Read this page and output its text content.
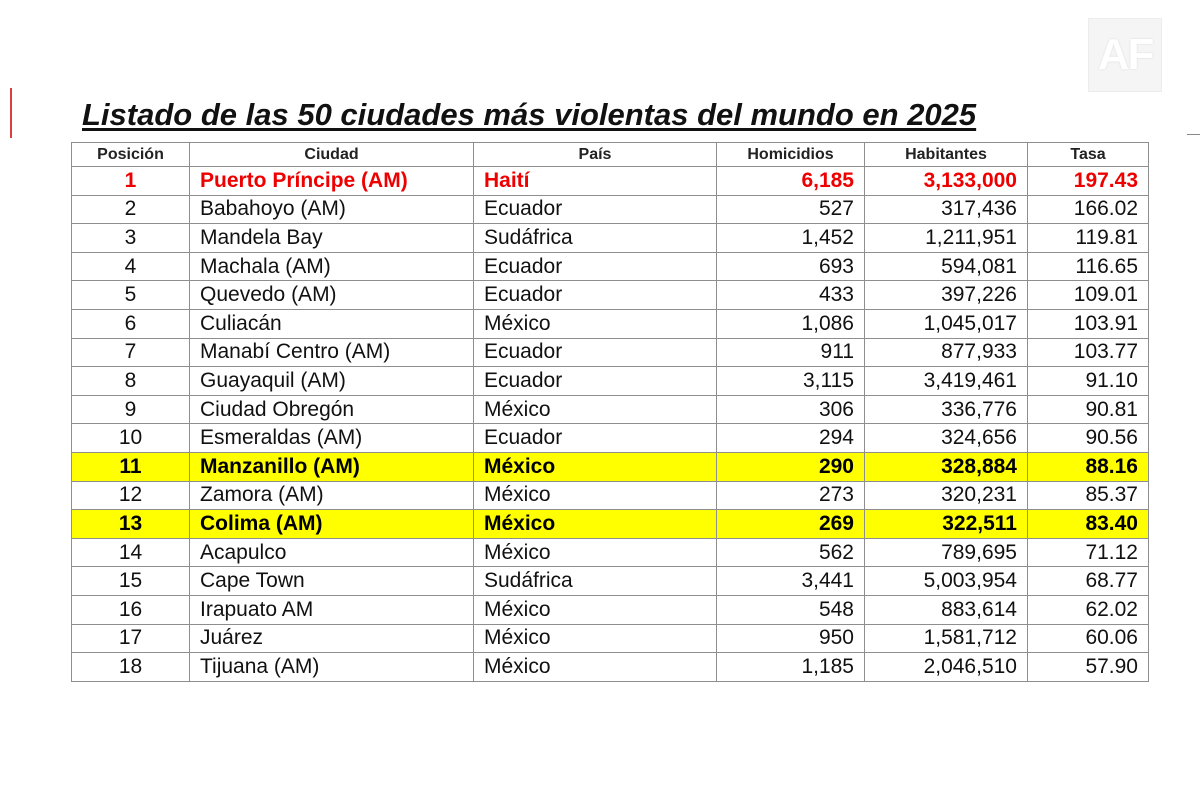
AF
Listado de las 50 ciudades más violentas del mundo en 2025
Posición	Ciudad	País	Homicidios	Habitantes	Tasa
1	Puerto Príncipe (AM)	Haití	6,185	3,133,000	197.43
2	Babahoyo (AM)	Ecuador	527	317,436	166.02
3	Mandela Bay	Sudáfrica	1,452	1,211,951	119.81
4	Machala (AM)	Ecuador	693	594,081	116.65
5	Quevedo (AM)	Ecuador	433	397,226	109.01
6	Culiacán	México	1,086	1,045,017	103.91
7	Manabí Centro (AM)	Ecuador	911	877,933	103.77
8	Guayaquil (AM)	Ecuador	3,115	3,419,461	91.10
9	Ciudad Obregón	México	306	336,776	90.81
10	Esmeraldas (AM)	Ecuador	294	324,656	90.56
11	Manzanillo (AM)	México	290	328,884	88.16
12	Zamora (AM)	México	273	320,231	85.37
13	Colima (AM)	México	269	322,511	83.40
14	Acapulco	México	562	789,695	71.12
15	Cape Town	Sudáfrica	3,441	5,003,954	68.77
16	Irapuato AM	México	548	883,614	62.02
17	Juárez	México	950	1,581,712	60.06
18	Tijuana (AM)	México	1,185	2,046,510	57.90
